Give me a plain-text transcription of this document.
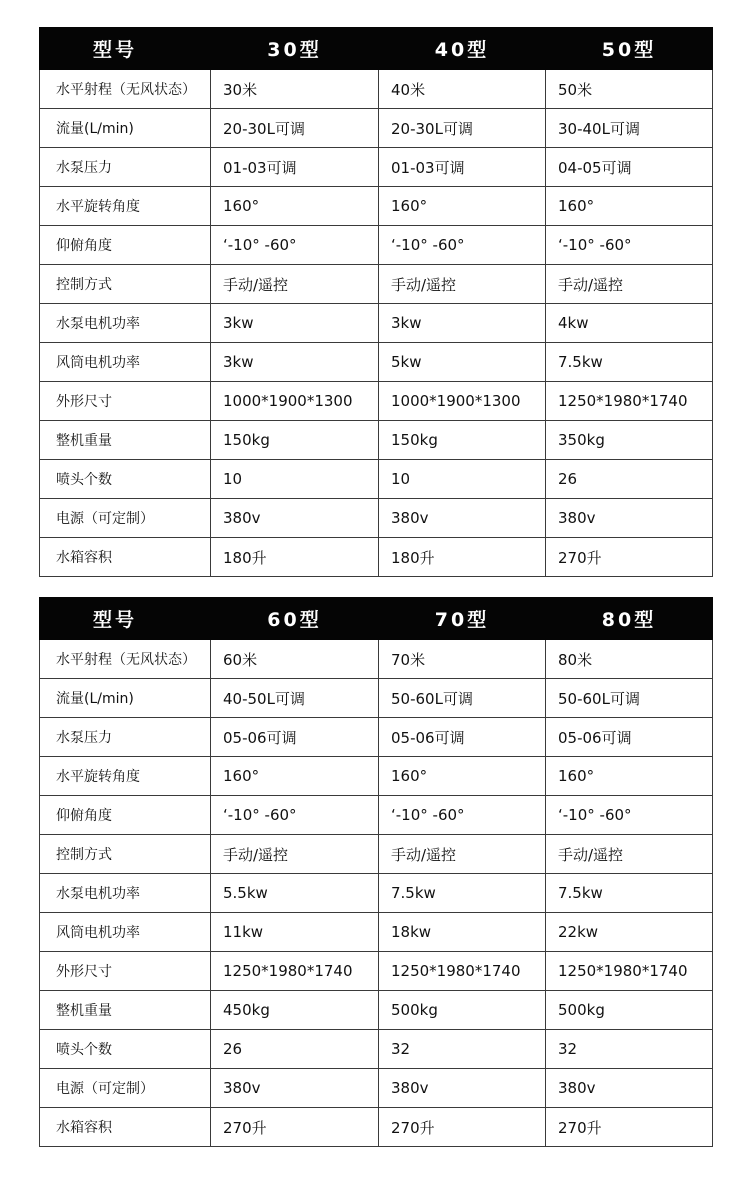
型号	30型	40型	50型
水平射程（无风状态）	30米	40米	50米
流量(L/min)	20-30L可调	20-30L可调	30-40L可调
水泵压力	01-03可调	01-03可调	04-05可调
水平旋转角度	160°	160°	160°
仰俯角度	‘-10° -60°	‘-10° -60°	‘-10° -60°
控制方式	手动/遥控	手动/遥控	手动/遥控
水泵电机功率	3kw	3kw	4kw
风筒电机功率	3kw	5kw	7.5kw
外形尺寸	1000*1900*1300	1000*1900*1300	1250*1980*1740
整机重量	150kg	150kg	350kg
喷头个数	10	10	26
电源（可定制）	380v	380v	380v
水箱容积	180升	180升	270升
型号	60型	70型	80型
水平射程（无风状态）	60米	70米	80米
流量(L/min)	40-50L可调	50-60L可调	50-60L可调
水泵压力	05-06可调	05-06可调	05-06可调
水平旋转角度	160°	160°	160°
仰俯角度	‘-10° -60°	‘-10° -60°	‘-10° -60°
控制方式	手动/遥控	手动/遥控	手动/遥控
水泵电机功率	5.5kw	7.5kw	7.5kw
风筒电机功率	11kw	18kw	22kw
外形尺寸	1250*1980*1740	1250*1980*1740	1250*1980*1740
整机重量	450kg	500kg	500kg
喷头个数	26	32	32
电源（可定制）	380v	380v	380v
水箱容积	270升	270升	270升
